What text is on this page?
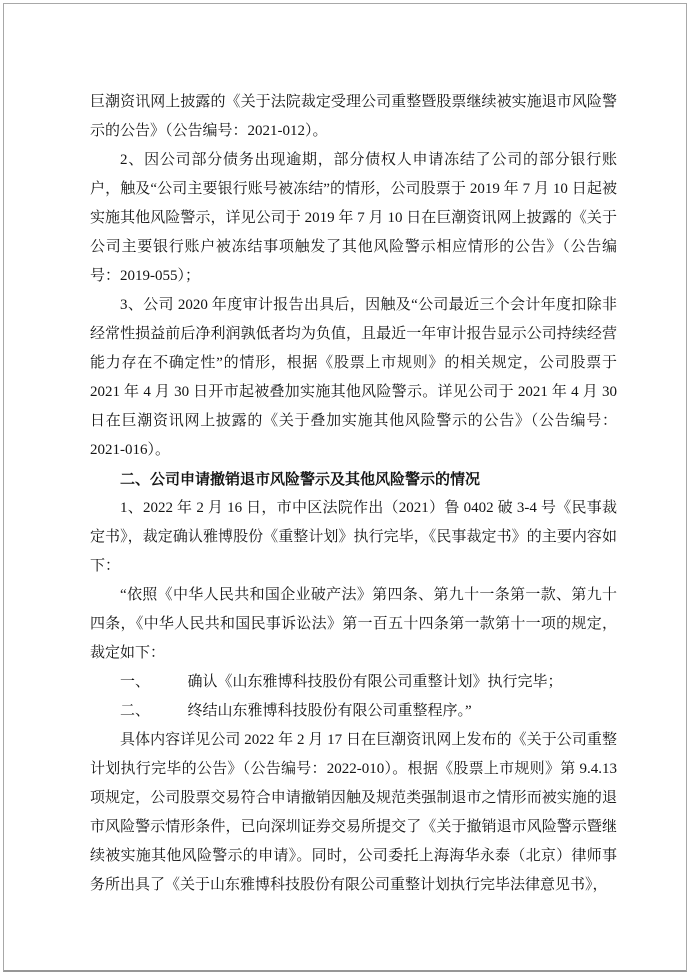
巨潮资讯网上披露的《关于法院裁定受理公司重整暨股票继续被实施退市风险警示的公告》（公告编号：2021-012）。

2、因公司部分债务出现逾期，部分债权人申请冻结了公司的部分银行账户，触及“公司主要银行账号被冻结”的情形，公司股票于 2019 年 7 月 10 日起被实施其他风险警示，详见公司于 2019 年 7 月 10 日在巨潮资讯网上披露的《关于公司主要银行账户被冻结事项触发了其他风险警示相应情形的公告》（公告编号：2019-055）；

3、公司 2020 年度审计报告出具后，因触及“公司最近三个会计年度扣除非经常性损益前后净利润孰低者均为负值，且最近一年审计报告显示公司持续经营能力存在不确定性”的情形，根据《股票上市规则》的相关规定，公司股票于 2021 年 4 月 30 日开市起被叠加实施其他风险警示。详见公司于 2021 年 4 月 30 日在巨潮资讯网上披露的《关于叠加实施其他风险警示的公告》（公告编号：2021-016）。

二、公司申请撤销退市风险警示及其他风险警示的情况

1、2022 年 2 月 16 日，市中区法院作出（2021）鲁 0402 破 3-4 号《民事裁定书》，裁定确认雅博股份《重整计划》执行完毕，《民事裁定书》的主要内容如下：

“依照《中华人民共和国企业破产法》第四条、第九十一条第一款、第九十四条，《中华人民共和国民事诉讼法》第一百五十四条第一款第十一项的规定，裁定如下：

一、　　　确认《山东雅博科技股份有限公司重整计划》执行完毕；

二、　　　终结山东雅博科技股份有限公司重整程序。”

具体内容详见公司 2022 年 2 月 17 日在巨潮资讯网上发布的《关于公司重整计划执行完毕的公告》（公告编号：2022-010）。根据《股票上市规则》第 9.4.13 项规定，公司股票交易符合申请撤销因触及规范类强制退市之情形而被实施的退市风险警示情形条件，已向深圳证券交易所提交了《关于撤销退市风险警示暨继续被实施其他风险警示的申请》。同时，公司委托上海海华永泰（北京）律师事务所出具了《关于山东雅博科技股份有限公司重整计划执行完毕法律意见书》，
